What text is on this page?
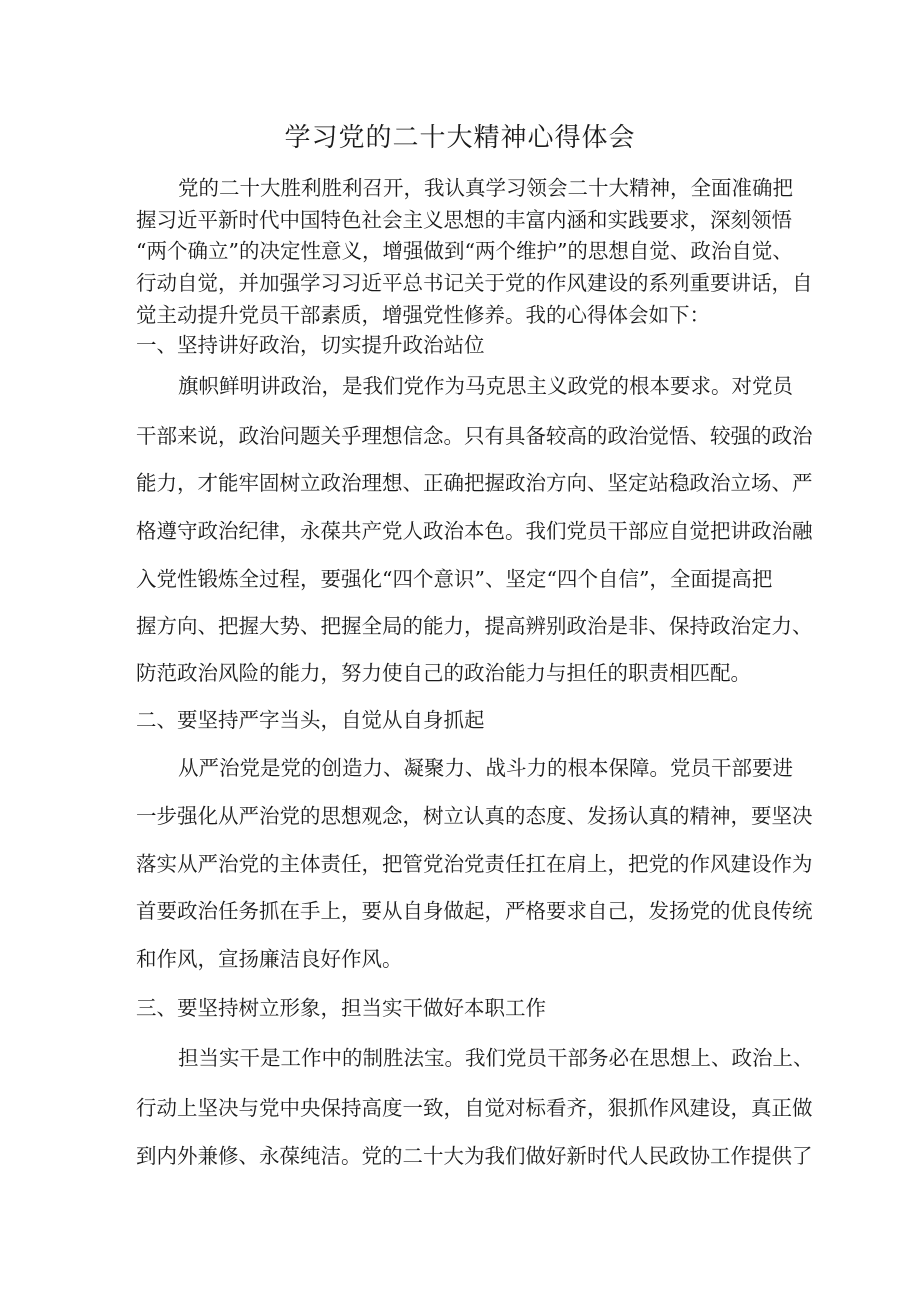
学习党的二十大精神心得体会
党的二十大胜利胜利召开，我认真学习领会二十大精神，全面准确把
握习近平新时代中国特色社会主义思想的丰富内涵和实践要求，深刻领悟
“两个确立”的决定性意义，增强做到“两个维护”的思想自觉、政治自觉、
行动自觉，并加强学习习近平总书记关于党的作风建设的系列重要讲话，自
觉主动提升党员干部素质，增强党性修养。我的心得体会如下：
一、坚持讲好政治，切实提升政治站位
旗帜鲜明讲政治，是我们党作为马克思主义政党的根本要求。对党员
干部来说，政治问题关乎理想信念。只有具备较高的政治觉悟、较强的政治
能力，才能牢固树立政治理想、正确把握政治方向、坚定站稳政治立场、严
格遵守政治纪律，永葆共产党人政治本色。我们党员干部应自觉把讲政治融
入党性锻炼全过程，要强化“四个意识”、坚定“四个自信”，全面提高把
握方向、把握大势、把握全局的能力，提高辨别政治是非、保持政治定力、
防范政治风险的能力，努力使自己的政治能力与担任的职责相匹配。
二、要坚持严字当头，自觉从自身抓起
从严治党是党的创造力、凝聚力、战斗力的根本保障。党员干部要进
一步强化从严治党的思想观念，树立认真的态度、发扬认真的精神，要坚决
落实从严治党的主体责任，把管党治党责任扛在肩上，把党的作风建设作为
首要政治任务抓在手上，要从自身做起，严格要求自己，发扬党的优良传统
和作风，宣扬廉洁良好作风。
三、要坚持树立形象，担当实干做好本职工作
担当实干是工作中的制胜法宝。我们党员干部务必在思想上、政治上、
行动上坚决与党中央保持高度一致，自觉对标看齐，狠抓作风建设，真正做
到内外兼修、永葆纯洁。党的二十大为我们做好新时代人民政协工作提供了
